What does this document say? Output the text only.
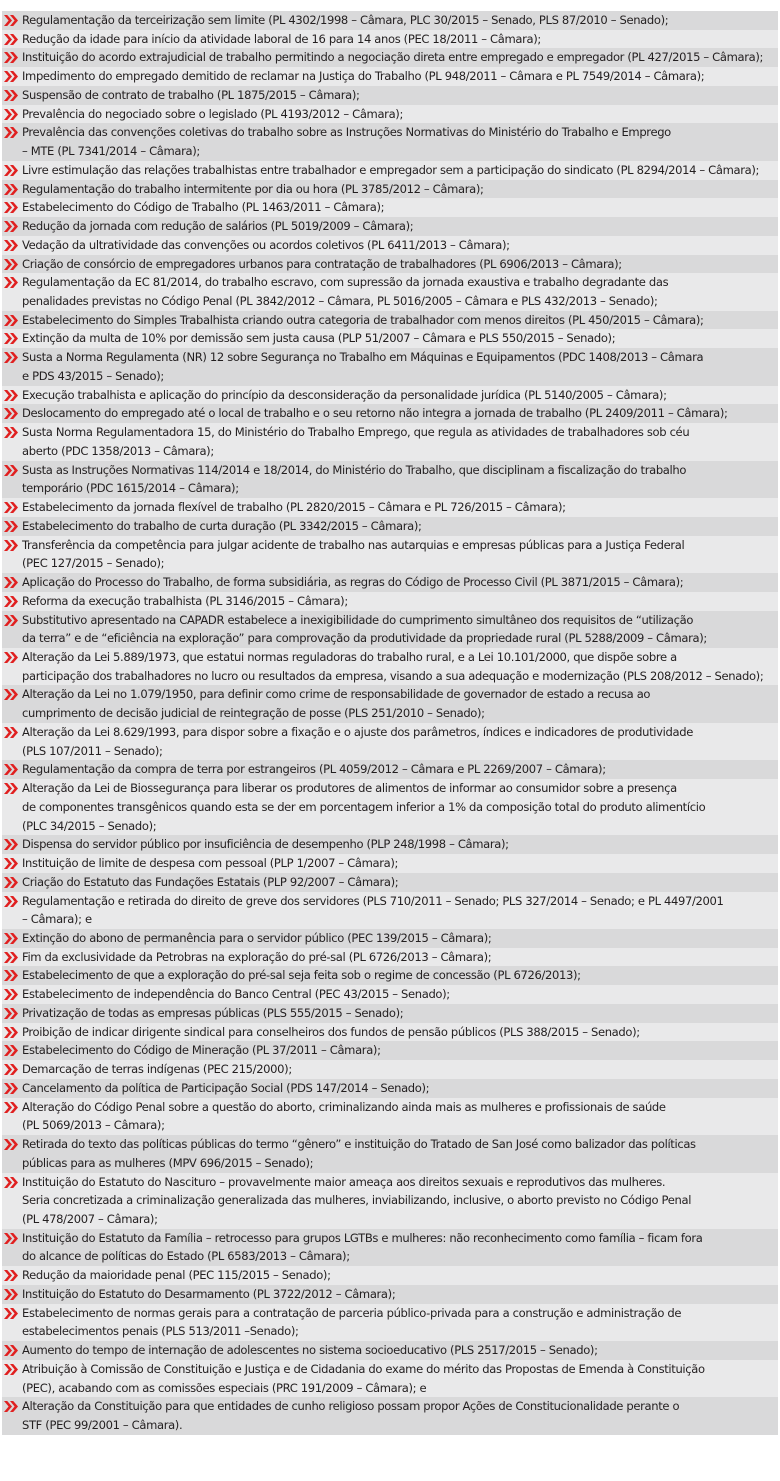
Regulamentação da terceirização sem limite (PL 4302/1998 – Câmara, PLC 30/2015 – Senado, PLS 87/2010 – Senado);
Redução da idade para início da atividade laboral de 16 para 14 anos (PEC 18/2011 – Câmara);
Instituição do acordo extrajudicial de trabalho permitindo a negociação direta entre empregado e empregador (PL 427/2015 – Câmara);
Impedimento do empregado demitido de reclamar na Justiça do Trabalho (PL 948/2011 – Câmara e PL 7549/2014 – Câmara);
Suspensão de contrato de trabalho (PL 1875/2015 – Câmara);
Prevalência do negociado sobre o legislado (PL 4193/2012 – Câmara);
Prevalência das convenções coletivas do trabalho sobre as Instruções Normativas do Ministério do Trabalho e Emprego
– MTE (PL 7341/2014 – Câmara);
Livre estimulação das relações trabalhistas entre trabalhador e empregador sem a participação do sindicato (PL 8294/2014 – Câmara);
Regulamentação do trabalho intermitente por dia ou hora (PL 3785/2012 – Câmara);
Estabelecimento do Código de Trabalho (PL 1463/2011 – Câmara);
Redução da jornada com redução de salários (PL 5019/2009 – Câmara);
Vedação da ultratividade das convenções ou acordos coletivos (PL 6411/2013 – Câmara);
Criação de consórcio de empregadores urbanos para contratação de trabalhadores (PL 6906/2013 – Câmara);
Regulamentação da EC 81/2014, do trabalho escravo, com supressão da jornada exaustiva e trabalho degradante das
penalidades previstas no Código Penal (PL 3842/2012 – Câmara, PL 5016/2005 – Câmara e PLS 432/2013 – Senado);
Estabelecimento do Simples Trabalhista criando outra categoria de trabalhador com menos direitos (PL 450/2015 – Câmara);
Extinção da multa de 10% por demissão sem justa causa (PLP 51/2007 – Câmara e PLS 550/2015 – Senado);
Susta a Norma Regulamenta (NR) 12 sobre Segurança no Trabalho em Máquinas e Equipamentos (PDC 1408/2013 – Câmara
e PDS 43/2015 – Senado);
Execução trabalhista e aplicação do princípio da desconsideração da personalidade jurídica (PL 5140/2005 – Câmara);
Deslocamento do empregado até o local de trabalho e o seu retorno não integra a jornada de trabalho (PL 2409/2011 – Câmara);
Susta Norma Regulamentadora 15, do Ministério do Trabalho Emprego, que regula as atividades de trabalhadores sob céu
aberto (PDC 1358/2013 – Câmara);
Susta as Instruções Normativas 114/2014 e 18/2014, do Ministério do Trabalho, que disciplinam a fiscalização do trabalho
temporário (PDC 1615/2014 – Câmara);
Estabelecimento da jornada flexível de trabalho (PL 2820/2015 – Câmara e PL 726/2015 – Câmara);
Estabelecimento do trabalho de curta duração (PL 3342/2015 – Câmara);
Transferência da competência para julgar acidente de trabalho nas autarquias e empresas públicas para a Justiça Federal
(PEC 127/2015 – Senado);
Aplicação do Processo do Trabalho, de forma subsidiária, as regras do Código de Processo Civil (PL 3871/2015 – Câmara);
Reforma da execução trabalhista (PL 3146/2015 – Câmara);
Substitutivo apresentado na CAPADR estabelece a inexigibilidade do cumprimento simultâneo dos requisitos de “utilização
da terra” e de “eficiência na exploração” para comprovação da produtividade da propriedade rural (PL 5288/2009 – Câmara);
Alteração da Lei 5.889/1973, que estatui normas reguladoras do trabalho rural, e a Lei 10.101/2000, que dispõe sobre a
participação dos trabalhadores no lucro ou resultados da empresa, visando a sua adequação e modernização (PLS 208/2012 – Senado);
Alteração da Lei no 1.079/1950, para definir como crime de responsabilidade de governador de estado a recusa ao
cumprimento de decisão judicial de reintegração de posse (PLS 251/2010 – Senado);
Alteração da Lei 8.629/1993, para dispor sobre a fixação e o ajuste dos parâmetros, índices e indicadores de produtividade
(PLS 107/2011 – Senado);
Regulamentação da compra de terra por estrangeiros (PL 4059/2012 – Câmara e PL 2269/2007 – Câmara);
Alteração da Lei de Biossegurança para liberar os produtores de alimentos de informar ao consumidor sobre a presença
de componentes transgênicos quando esta se der em porcentagem inferior a 1% da composição total do produto alimentício
(PLC 34/2015 – Senado);
Dispensa do servidor público por insuficiência de desempenho (PLP 248/1998 – Câmara);
Instituição de limite de despesa com pessoal (PLP 1/2007 – Câmara);
Criação do Estatuto das Fundações Estatais (PLP 92/2007 – Câmara);
Regulamentação e retirada do direito de greve dos servidores (PLS 710/2011 – Senado; PLS 327/2014 – Senado; e PL 4497/2001
– Câmara); e
Extinção do abono de permanência para o servidor público (PEC 139/2015 – Câmara);
Fim da exclusividade da Petrobras na exploração do pré-sal (PL 6726/2013 – Câmara);
Estabelecimento de que a exploração do pré-sal seja feita sob o regime de concessão (PL 6726/2013);
Estabelecimento de independência do Banco Central (PEC 43/2015 – Senado);
Privatização de todas as empresas públicas (PLS 555/2015 – Senado);
Proibição de indicar dirigente sindical para conselheiros dos fundos de pensão públicos (PLS 388/2015 – Senado);
Estabelecimento do Código de Mineração (PL 37/2011 – Câmara);
Demarcação de terras indígenas (PEC 215/2000);
Cancelamento da política de Participação Social (PDS 147/2014 – Senado);
Alteração do Código Penal sobre a questão do aborto, criminalizando ainda mais as mulheres e profissionais de saúde
(PL 5069/2013 – Câmara);
Retirada do texto das políticas públicas do termo “gênero” e instituição do Tratado de San José como balizador das políticas
públicas para as mulheres (MPV 696/2015 – Senado);
Instituição do Estatuto do Nascituro – provavelmente maior ameaça aos direitos sexuais e reprodutivos das mulheres.
Seria concretizada a criminalização generalizada das mulheres, inviabilizando, inclusive, o aborto previsto no Código Penal
(PL 478/2007 – Câmara);
Instituição do Estatuto da Família – retrocesso para grupos LGTBs e mulheres: não reconhecimento como família – ficam fora
do alcance de políticas do Estado (PL 6583/2013 – Câmara);
Redução da maioridade penal (PEC 115/2015 – Senado);
Instituição do Estatuto do Desarmamento (PL 3722/2012 – Câmara);
Estabelecimento de normas gerais para a contratação de parceria público-privada para a construção e administração de
estabelecimentos penais (PLS 513/2011 –Senado);
Aumento do tempo de internação de adolescentes no sistema socioeducativo (PLS 2517/2015 – Senado);
Atribuição à Comissão de Constituição e Justiça e de Cidadania do exame do mérito das Propostas de Emenda à Constituição
(PEC), acabando com as comissões especiais (PRC 191/2009 – Câmara); e
Alteração da Constituição para que entidades de cunho religioso possam propor Ações de Constitucionalidade perante o
STF (PEC 99/2001 – Câmara).
